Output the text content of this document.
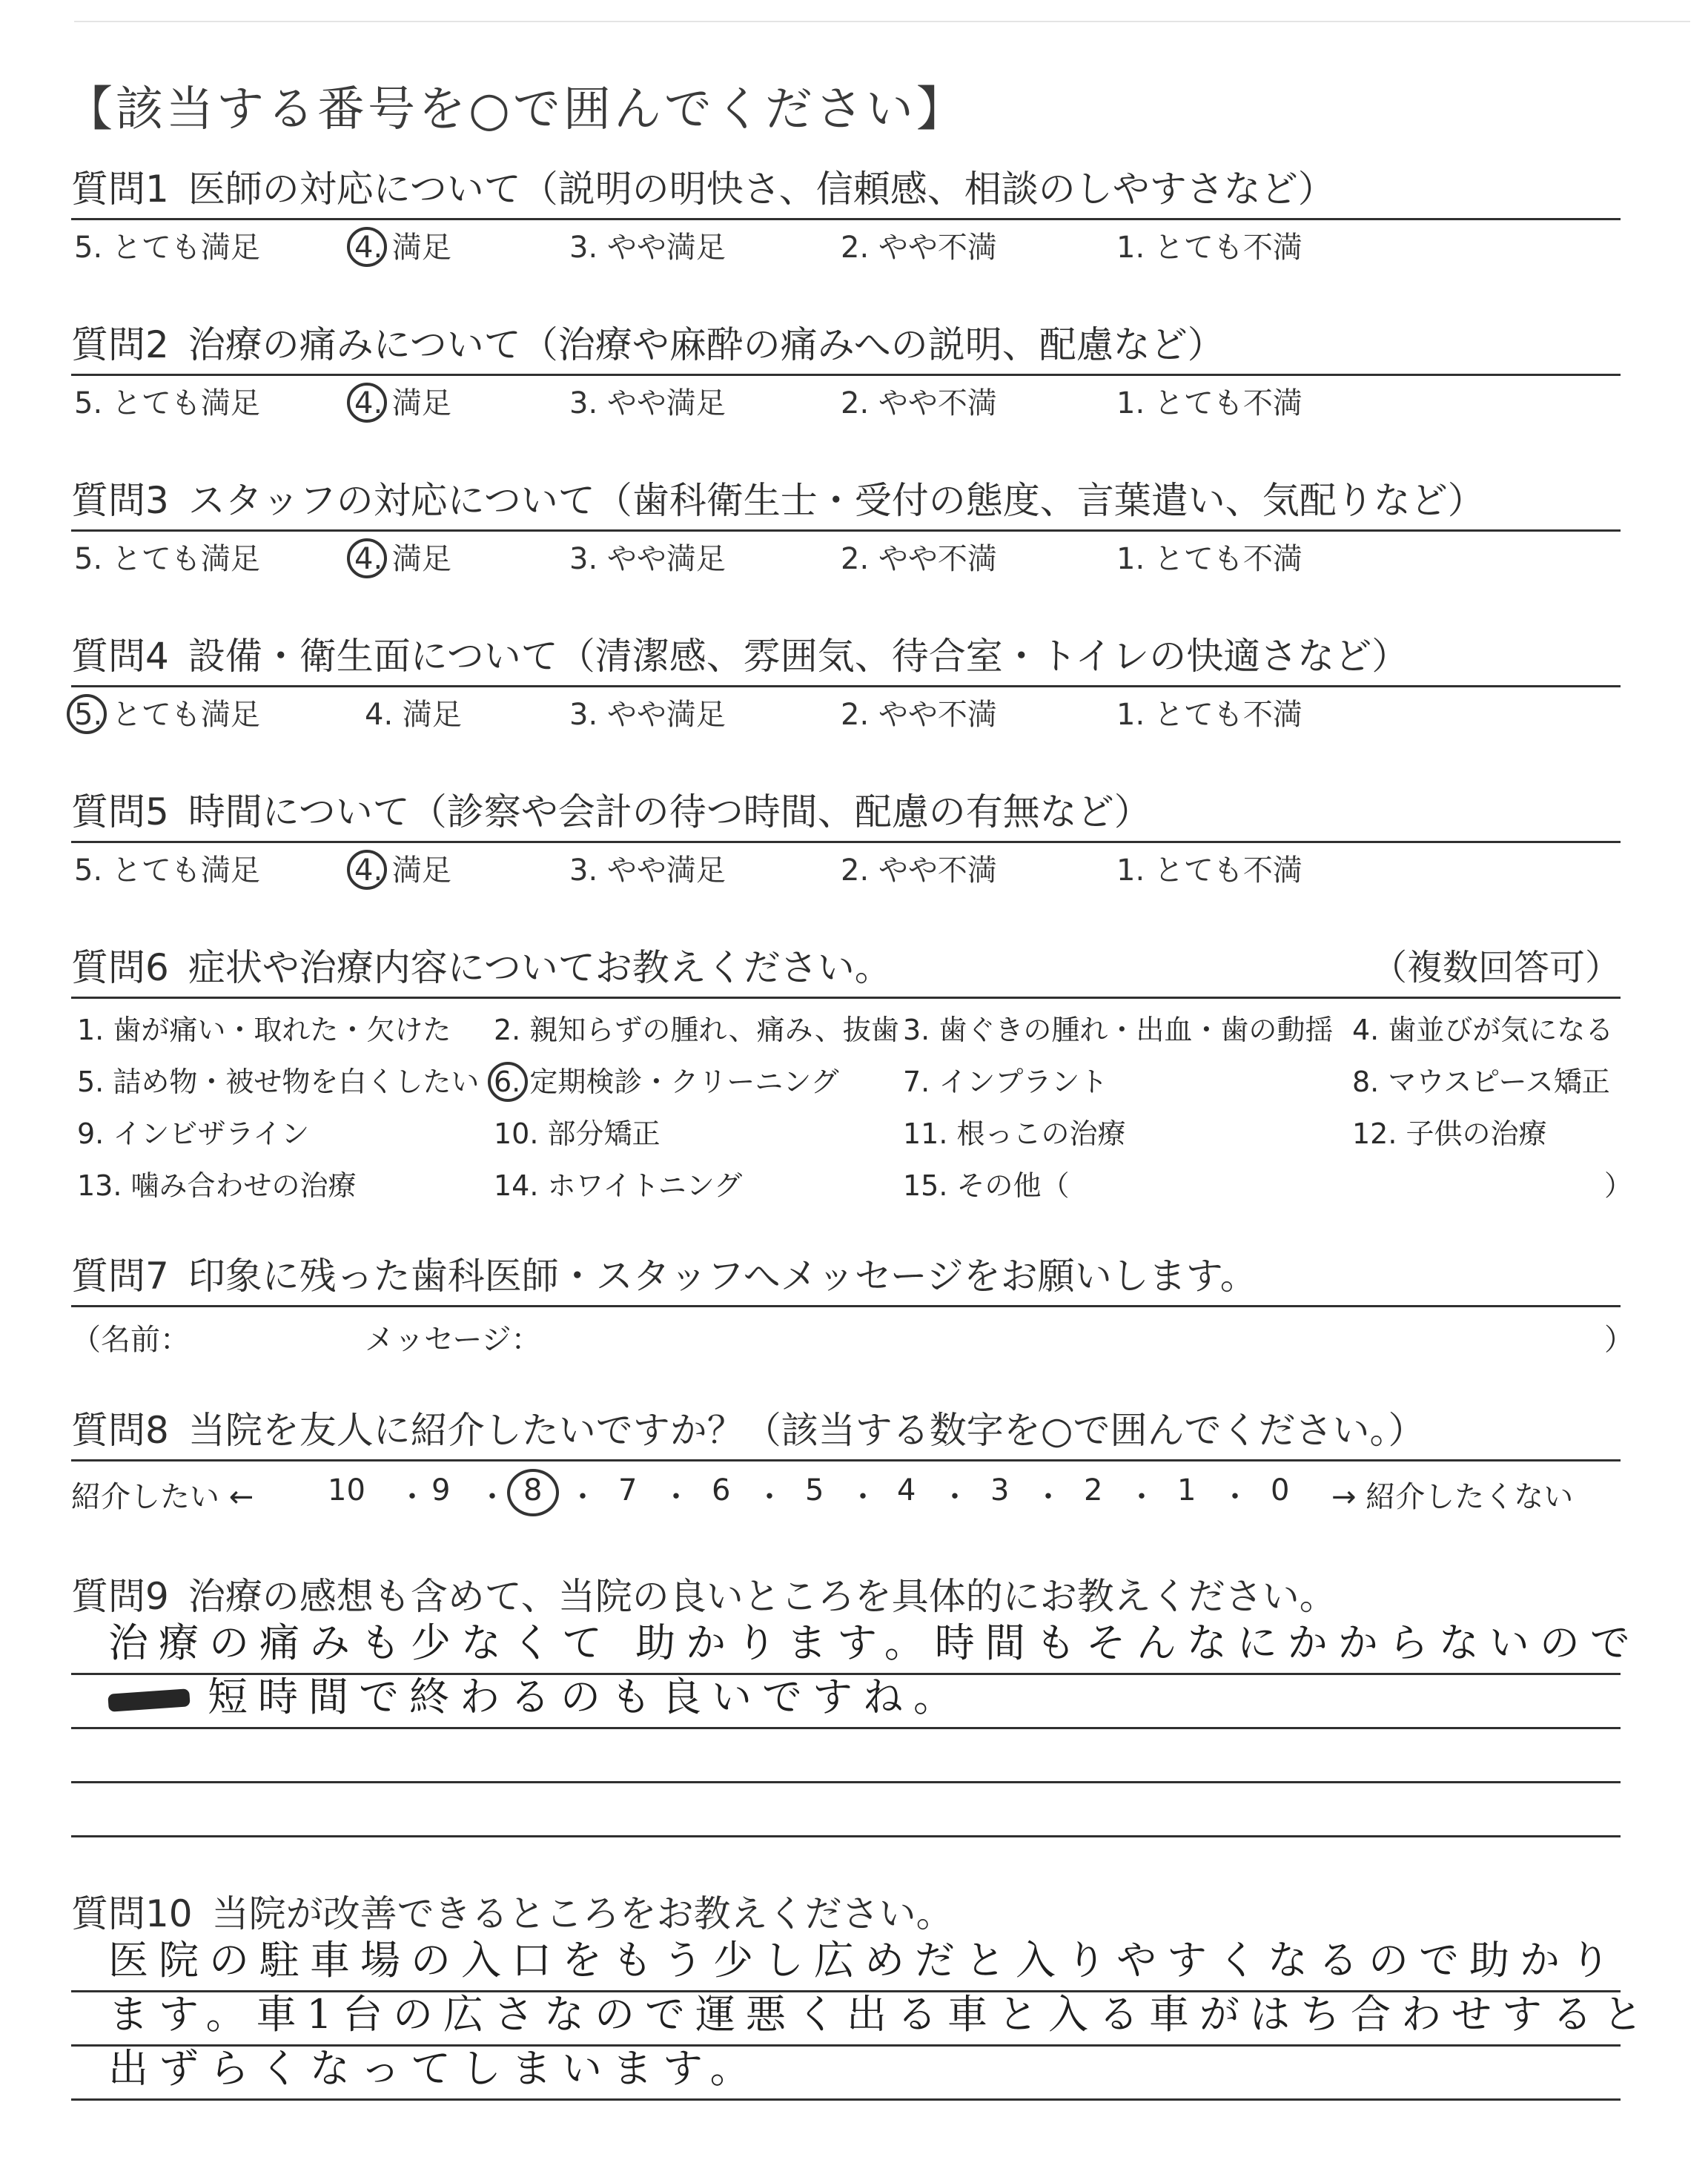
【該当する番号を○で囲んでください】
質問1 医師の対応について（説明の明快さ、信頼感、相談のしやすさなど）
5. とても満足	4. 満足	3. やや満足	2. やや不満	1. とても不満
質問2 治療の痛みについて（治療や麻酔の痛みへの説明、配慮など）
5. とても満足	4. 満足	3. やや満足	2. やや不満	1. とても不満
質問3 スタッフの対応について（歯科衛生士・受付の態度、言葉遣い、気配りなど）
5. とても満足	4. 満足	3. やや満足	2. やや不満	1. とても不満
質問4 設備・衛生面について（清潔感、雰囲気、待合室・トイレの快適さなど）
5. とても満足	4. 満足	3. やや満足	2. やや不満	1. とても不満
質問5 時間について（診察や会計の待つ時間、配慮の有無など）
5. とても満足	4. 満足	3. やや満足	2. やや不満	1. とても不満
質問6 症状や治療内容についてお教えください。	（複数回答可）
1. 歯が痛い・取れた・欠けた 2. 親知らずの腫れ、痛み、抜歯 3. 歯ぐきの腫れ・出血・歯の動揺 4. 歯並びが気になる
5. 詰め物・被せ物を白くしたい 6. 定期検診・クリーニング 7. インプラント	8. マウスピース矯正
9. インビザライン	10. 部分矯正	11. 根っこの治療	12. 子供の治療
13. 噛み合わせの治療	14. ホワイトニング	15. その他（	）
質問7 印象に残った歯科医師・スタッフへメッセージをお願いします。
（名前：	メッセージ：	）
質問8 当院を友人に紹介したいですか？（該当する数字を○で囲んでください。）
紹介したい ← 10 ・ 9 ・ 8 ・ 7 ・ 6 ・ 5 ・ 4 ・ 3 ・ 2 ・ 1 ・ 0 → 紹介したくない
質問9 治療の感想も含めて、当院の良いところを具体的にお教えください。
治療の痛みも少なくて 助かります。時間もそんなにかからないので
短時間で終わるのも良いですね。
質問10 当院が改善できるところをお教えください。
医院の駐車場の入口をもう少し広めだと入りやすくなるので助かり
ます。車1台の広さなので運悪く出る車と入る車がはち合わせすると
出ずらくなってしまいます。
